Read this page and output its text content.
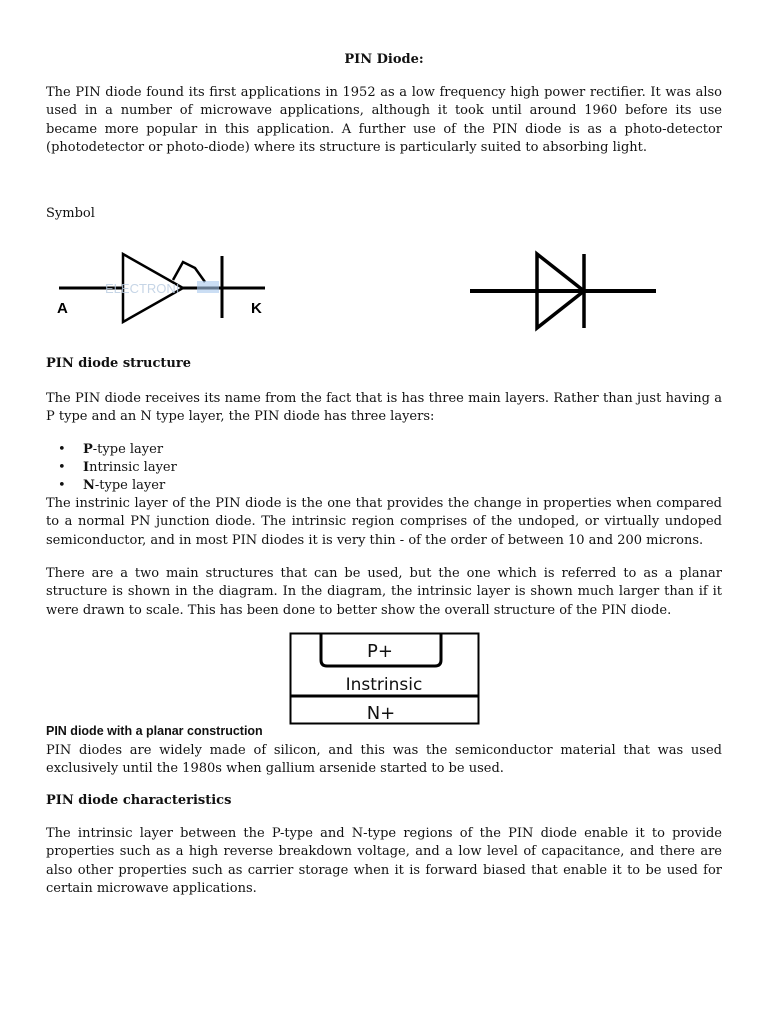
PIN Diode:

The PIN diode found its first applications in 1952 as a low frequency high power rectifier. It was also used in a number of microwave applications, although it took until around 1960 before its use became more popular in this application. A further use of the PIN diode is as a photo-detector (photodetector or photo-diode) where its structure is particularly suited to absorbing light.

Symbol

ELECTRONI
A	K

PIN diode structure

The PIN diode receives its name from the fact that is has three main layers. Rather than just having a P type and an N type layer, the PIN diode has three layers:

• P-type layer
• Intrinsic layer
• N-type layer

The instrinic layer of the PIN diode is the one that provides the change in properties when compared to a normal PN junction diode. The intrinsic region comprises of the undoped, or virtually undoped semiconductor, and in most PIN diodes it is very thin - of the order of between 10 and 200 microns.

There are a two main structures that can be used, but the one which is referred to as a planar structure is shown in the diagram. In the diagram, the intrinsic layer is shown much larger than if it were drawn to scale. This has been done to better show the overall structure of the PIN diode.

P+
Instrinsic
N+

PIN diode with a planar construction

PIN diodes are widely made of silicon, and this was the semiconductor material that was used exclusively until the 1980s when gallium arsenide started to be used.

PIN diode characteristics

The intrinsic layer between the P-type and N-type regions of the PIN diode enable it to provide properties such as a high reverse breakdown voltage, and a low level of capacitance, and there are also other properties such as carrier storage when it is forward biased that enable it to be used for certain microwave applications.
